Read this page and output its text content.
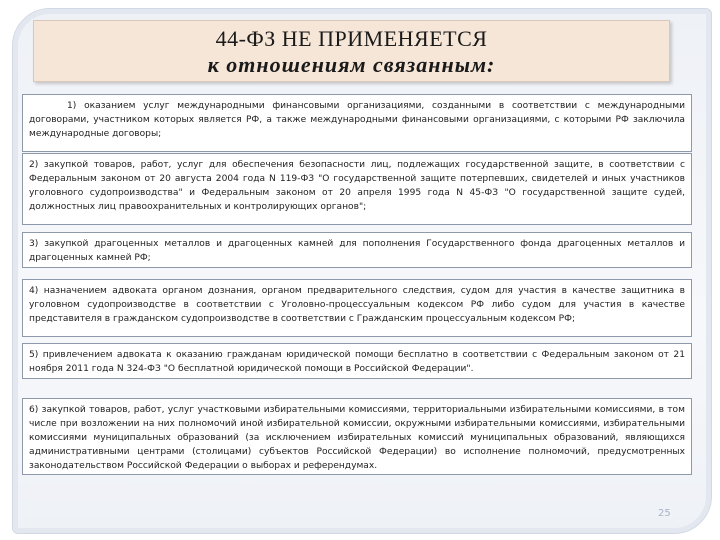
44-ФЗ НЕ ПРИМЕНЯЕТСЯ
к отношениям связанным:
1) оказанием услуг международными финансовыми организациями, созданными в соответствии с международными договорами, участником которых является РФ, а также международными финансовыми организациями, с которыми РФ заключила международные договоры;
2) закупкой товаров, работ, услуг для обеспечения безопасности лиц, подлежащих государственной защите, в соответствии с Федеральным законом от 20 августа 2004 года N 119-ФЗ "О государственной защите потерпевших, свидетелей и иных участников уголовного судопроизводства" и Федеральным законом от 20 апреля 1995 года N 45-ФЗ "О государственной защите судей, должностных лиц правоохранительных и контролирующих органов";
3) закупкой драгоценных металлов и драгоценных камней для пополнения Государственного фонда драгоценных металлов и драгоценных камней РФ;
4) назначением адвоката органом дознания, органом предварительного следствия, судом для участия в качестве защитника в уголовном судопроизводстве в соответствии с Уголовно-процессуальным кодексом РФ либо судом для участия в качестве представителя в гражданском судопроизводстве в соответствии с Гражданским процессуальным кодексом РФ;
5) привлечением адвоката к оказанию гражданам юридической помощи бесплатно в соответствии с Федеральным законом от 21 ноября 2011 года N 324-ФЗ "О бесплатной юридической помощи в Российской Федерации".
6) закупкой товаров, работ, услуг участковыми избирательными комиссиями, территориальными избирательными комиссиями, в том числе при возложении на них полномочий иной избирательной комиссии, окружными избирательными комиссиями, избирательными комиссиями муниципальных образований (за исключением избирательных комиссий муниципальных образований, являющихся административными центрами (столицами) субъектов Российской Федерации) во исполнение полномочий, предусмотренных законодательством Российской Федерации о выборах и референдумах.
25
